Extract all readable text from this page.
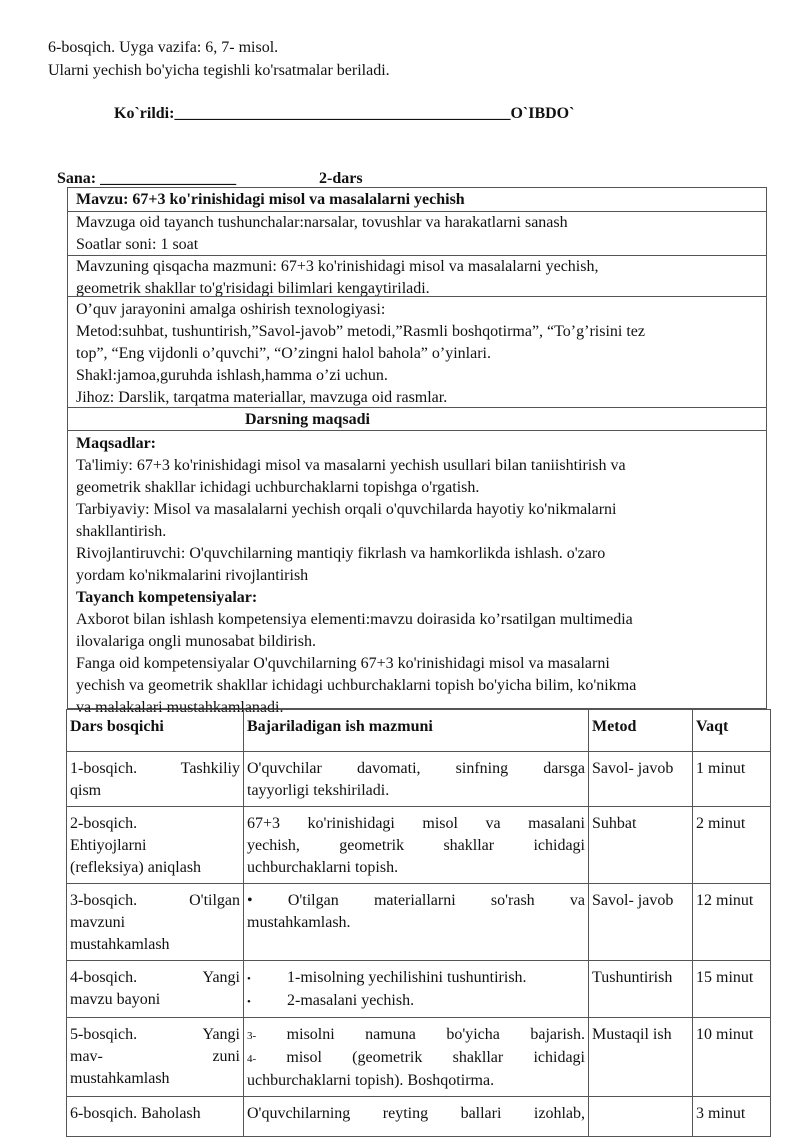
6-bosqich. Uyga vazifa: 6, 7- misol.
Ularni yechish bo'yicha tegishli ko'rsatmalar beriladi.
Ko`rildi:__________________________________________O`IBDO`
Sana: _________________	2-dars
Mavzu: 67+3 ko'rinishidagi misol va masalalarni yechish
Mavzuga oid tayanch tushunchalar:narsalar, tovushlar va harakatlarni sanash
Soatlar soni: 1 soat
Mavzuning qisqacha mazmuni: 67+3 ko'rinishidagi misol va masalalarni yechish,
geometrik shakllar to'g'risidagi bilimlari kengaytiriladi.
O’quv jarayonini amalga oshirish texnologiyasi:
Metod:suhbat, tushuntirish,”Savol-javob” metodi,”Rasmli boshqotirma”, “To’g’risini tez
top”, “Eng vijdonli o’quvchi”, “O’zingni halol bahola” o’yinlari.
Shakl:jamoa,guruhda ishlash,hamma o’zi uchun.
Jihoz: Darslik, tarqatma materiallar, mavzuga oid rasmlar.
Darsning maqsadi
Maqsadlar:
Ta'limiy: 67+3 ko'rinishidagi misol va masalarni yechish usullari bilan taniishtirish va
geometrik shakllar ichidagi uchburchaklarni topishga o'rgatish.
Tarbiyaviy: Misol va masalalarni yechish orqali o'quvchilarda hayotiy ko'nikmalarni
shakllantirish.
Rivojlantiruvchi: O'quvchilarning mantiqiy fikrlash va hamkorlikda ishlash. o'zaro
yordam ko'nikmalarini rivojlantirish
Tayanch kompetensiyalar:
Axborot bilan ishlash kompetensiya elementi:mavzu doirasida ko’rsatilgan multimedia
ilovalariga ongli munosabat bildirish.
Fanga oid kompetensiyalar O'quvchilarning 67+3 ko'rinishidagi misol va masalarni
yechish va geometrik shakllar ichidagi uchburchaklarni topish bo'yicha bilim, ko'nikma
va malakalari mustahkamlanadi.
Dars bosqichi	Bajariladigan ish mazmuni	Metod	Vaqt

1-bosqich. Tashkiliy
qism	O'quvchilar davomati, sinfning darsga
tayyorligi tekshiriladi.	Savol- javob	1 minut

2-bosqich.
Ehtiyojlarni
(refleksiya) aniqlash	67+3 ko'rinishidagi misol va masalani
yechish, geometrik shakllar ichidagi
uchburchaklarni topish.	Suhbat	2 minut

3-bosqich. O'tilgan
mavzuni
mustahkamlash	• O'tilgan materiallarni so'rash va
mustahkamlash.	Savol- javob	12 minut

4-bosqich. Yangi
mavzu bayoni	• 1-misolning yechilishini tushuntirish.
• 2-masalani yechish.	Tushuntirish	15 minut

5-bosqich. Yangi
mav- zuni
mustahkamlash	3- misolni namuna bo'yicha bajarish.
4- misol (geometrik shakllar ichidagi
uchburchaklarni topish). Boshqotirma.	Mustaqil ish	10 minut
6-bosqich. Baholash	O'quvchilarning reyting ballari izohlab,		3 minut
